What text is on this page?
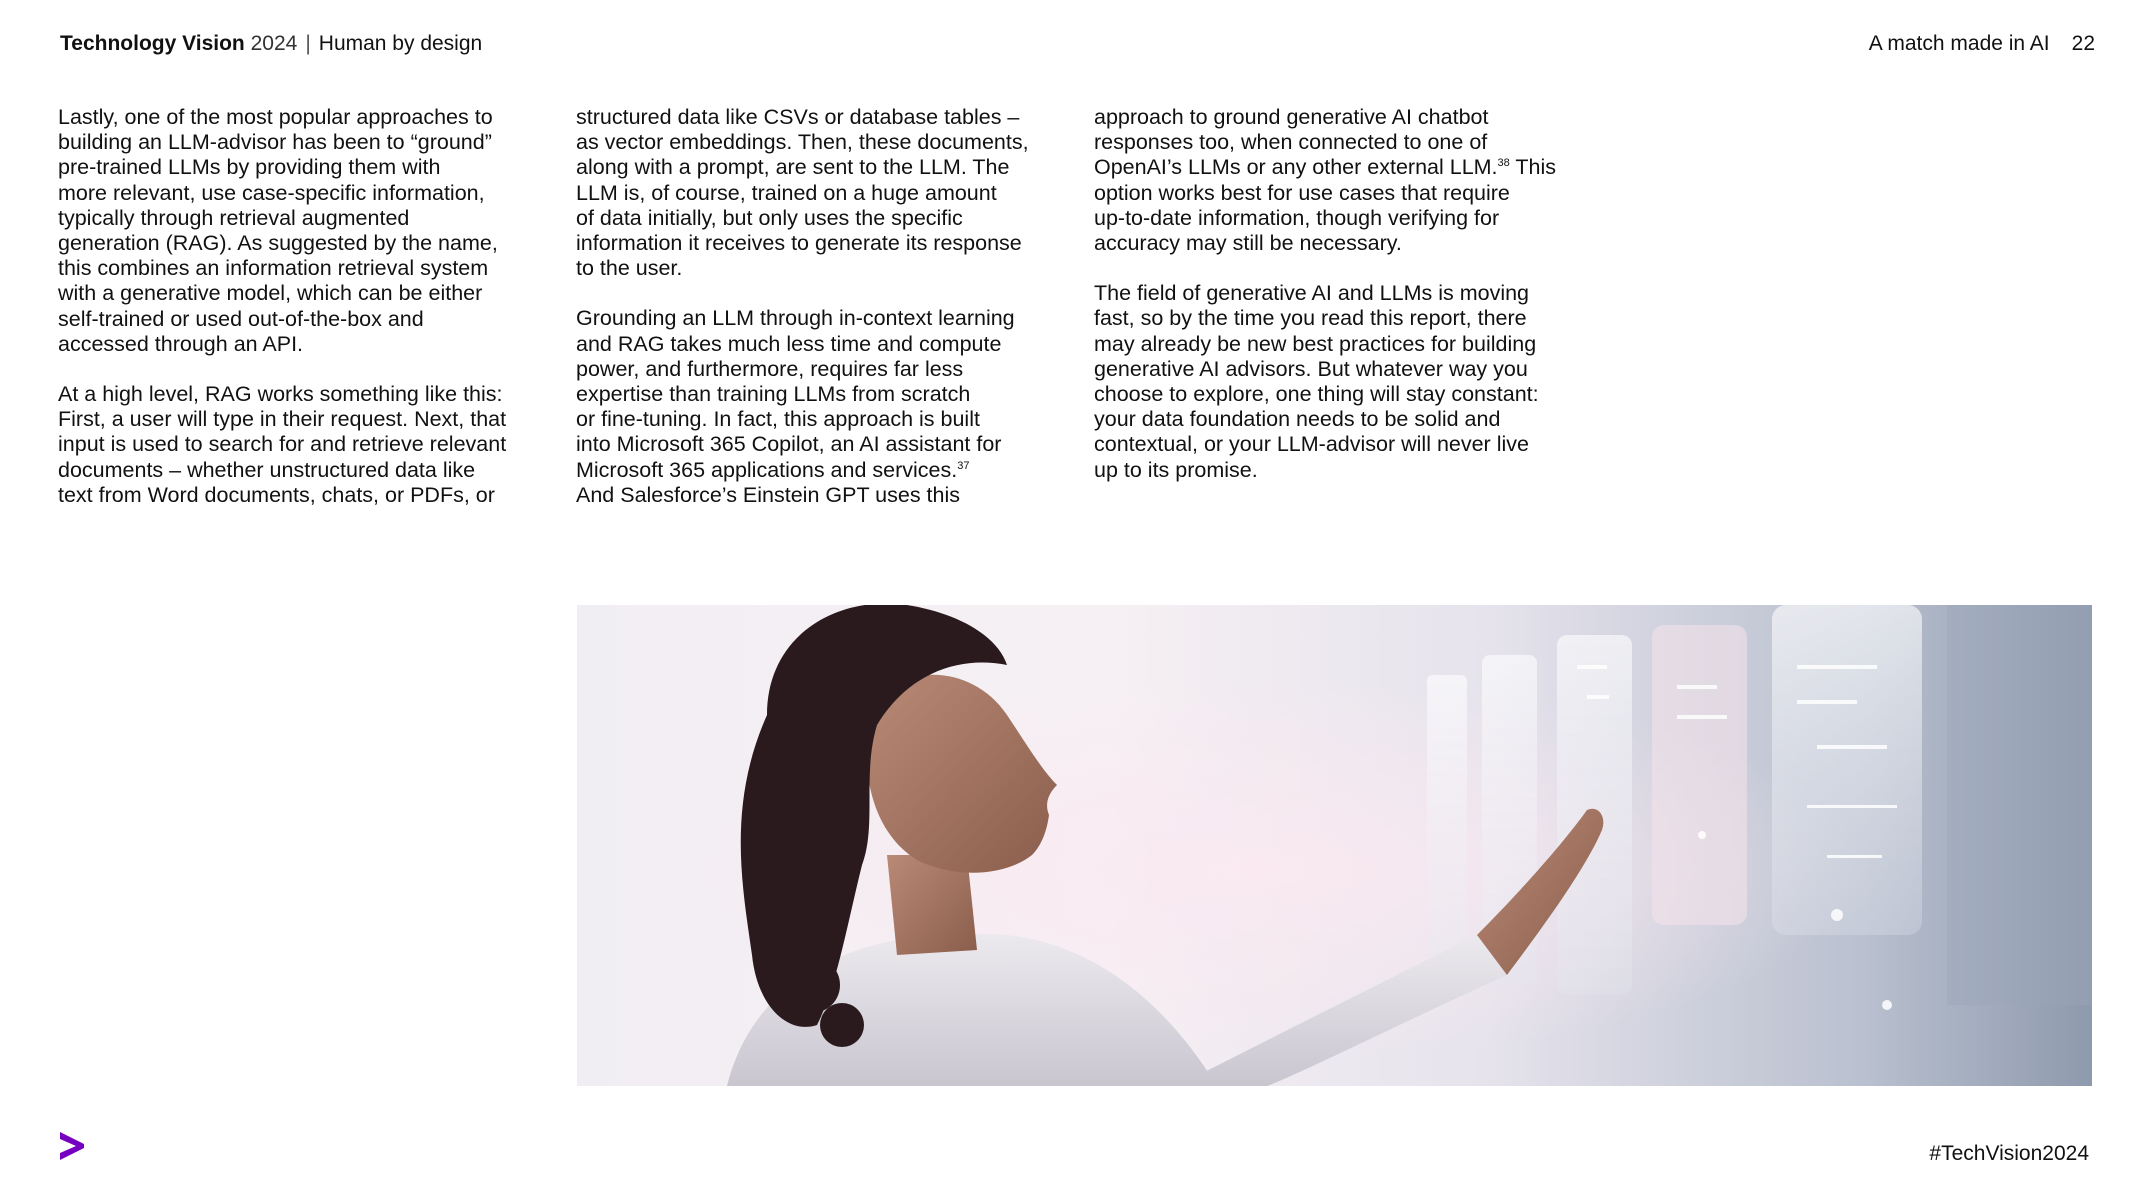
Technology Vision 2024 | Human by design	A match made in AI 22

Lastly, one of the most popular approaches to
building an LLM-advisor has been to “ground”
pre-trained LLMs by providing them with
more relevant, use case-specific information,
typically through retrieval augmented
generation (RAG). As suggested by the name,
this combines an information retrieval system
with a generative model, which can be either
self-trained or used out-of-the-box and
accessed through an API.

At a high level, RAG works something like this:
First, a user will type in their request. Next, that
input is used to search for and retrieve relevant
documents – whether unstructured data like
text from Word documents, chats, or PDFs, or

structured data like CSVs or database tables –
as vector embeddings. Then, these documents,
along with a prompt, are sent to the LLM. The
LLM is, of course, trained on a huge amount
of data initially, but only uses the specific
information it receives to generate its response
to the user.

Grounding an LLM through in-context learning
and RAG takes much less time and compute
power, and furthermore, requires far less
expertise than training LLMs from scratch
or fine-tuning. In fact, this approach is built
into Microsoft 365 Copilot, an AI assistant for
Microsoft 365 applications and services.$^{37}$
And Salesforce’s Einstein GPT uses this

approach to ground generative AI chatbot
responses too, when connected to one of
OpenAI’s LLMs or any other external LLM.$^{38}$ This
option works best for use cases that require
up-to-date information, though verifying for
accuracy may still be necessary.

The field of generative AI and LLMs is moving
fast, so by the time you read this report, there
may already be new best practices for building
generative AI advisors. But whatever way you
choose to explore, one thing will stay constant:
your data foundation needs to be solid and
contextual, or your LLM-advisor will never live
up to its promise.

#TechVision2024
